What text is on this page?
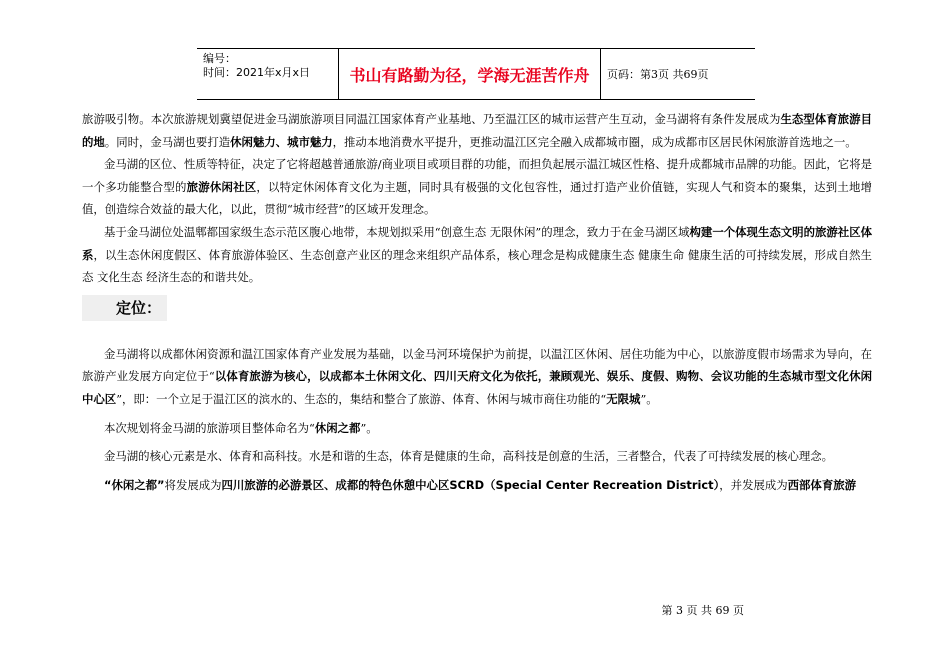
编号：
时间：2021年x月x日	书山有路勤为径，学海无涯苦作舟 页码：第3页 共69页

旅游吸引物。本次旅游规划冀望促进金马湖旅游项目同温江国家体育产业基地、乃至温江区的城市运营产生互动，金马湖将有条件发展成为生态型体育旅游目的地。同时，金马湖也要打造休闲魅力、城市魅力，推动本地消费水平提升，更推动温江区完全融入成都城市圈，成为成都市区居民休闲旅游首选地之一。

金马湖的区位、性质等特征，决定了它将超越普通旅游/商业项目或项目群的功能，而担负起展示温江城区性格、提升成都城市品牌的功能。因此，它将是一个多功能整合型的旅游休闲社区，以特定休闲体育文化为主题，同时具有极强的文化包容性，通过打造产业价值链，实现人气和资本的聚集，达到土地增值，创造综合效益的最大化，以此，贯彻“城市经营”的区域开发理念。

基于金马湖位处温郫都国家级生态示范区腹心地带，本规划拟采用“创意生态 无限休闲”的理念，致力于在金马湖区域构建一个体现生态文明的旅游社区体系，以生态休闲度假区、体育旅游体验区、生态创意产业区的理念来组织产品体系，核心理念是构成健康生态 健康生命 健康生活的可持续发展，形成自然生态 文化生态 经济生态的和谐共处。

定位：

金马湖将以成都休闲资源和温江国家体育产业发展为基础，以金马河环境保护为前提，以温江区休闲、居住功能为中心，以旅游度假市场需求为导向，在旅游产业发展方向定位于“以体育旅游为核心，以成都本土休闲文化、四川天府文化为依托，兼顾观光、娱乐、度假、购物、会议功能的生态城市型文化休闲中心区”，即：一个立足于温江区的滨水的、生态的，集结和整合了旅游、体育、休闲与城市商住功能的“无限城”。

本次规划将金马湖的旅游项目整体命名为“休闲之都”。

金马湖的核心元素是水、体育和高科技。水是和谐的生态，体育是健康的生命，高科技是创意的生活，三者整合，代表了可持续发展的核心理念。

“休闲之都”将发展成为四川旅游的必游景区、成都的特色休憩中心区SCRD（Special Center Recreation District），并发展成为西部体育旅游

第 3 页 共 69 页
